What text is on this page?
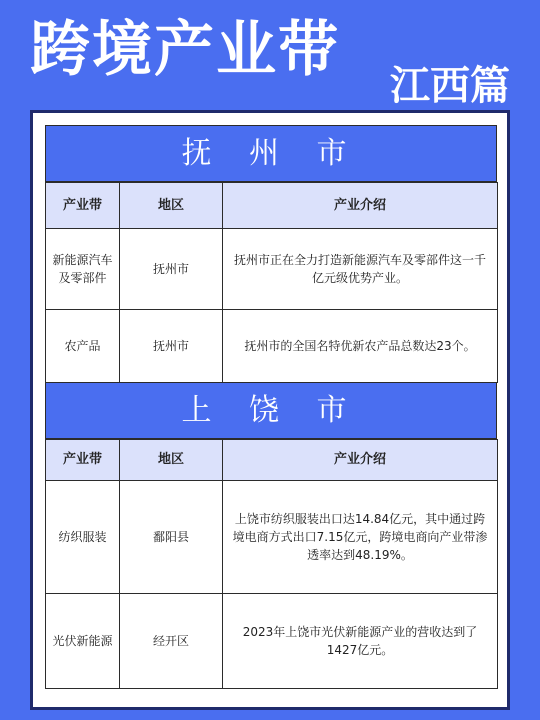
跨境产业带
江西篇
抚 州 市
产业带	地区	产业介绍
新能源汽车及零部件	抚州市	抚州市正在全力打造新能源汽车及零部件这一千亿元级优势产业。
农产品	抚州市	抚州市的全国名特优新农产品总数达23个。
上 饶 市
产业带	地区	产业介绍
纺织服装	鄱阳县	上饶市纺织服装出口达14.84亿元，其中通过跨境电商方式出口7.15亿元，跨境电商向产业带渗透率达到48.19%。
光伏新能源	经开区	2023年上饶市光伏新能源产业的营收达到了1427亿元。
